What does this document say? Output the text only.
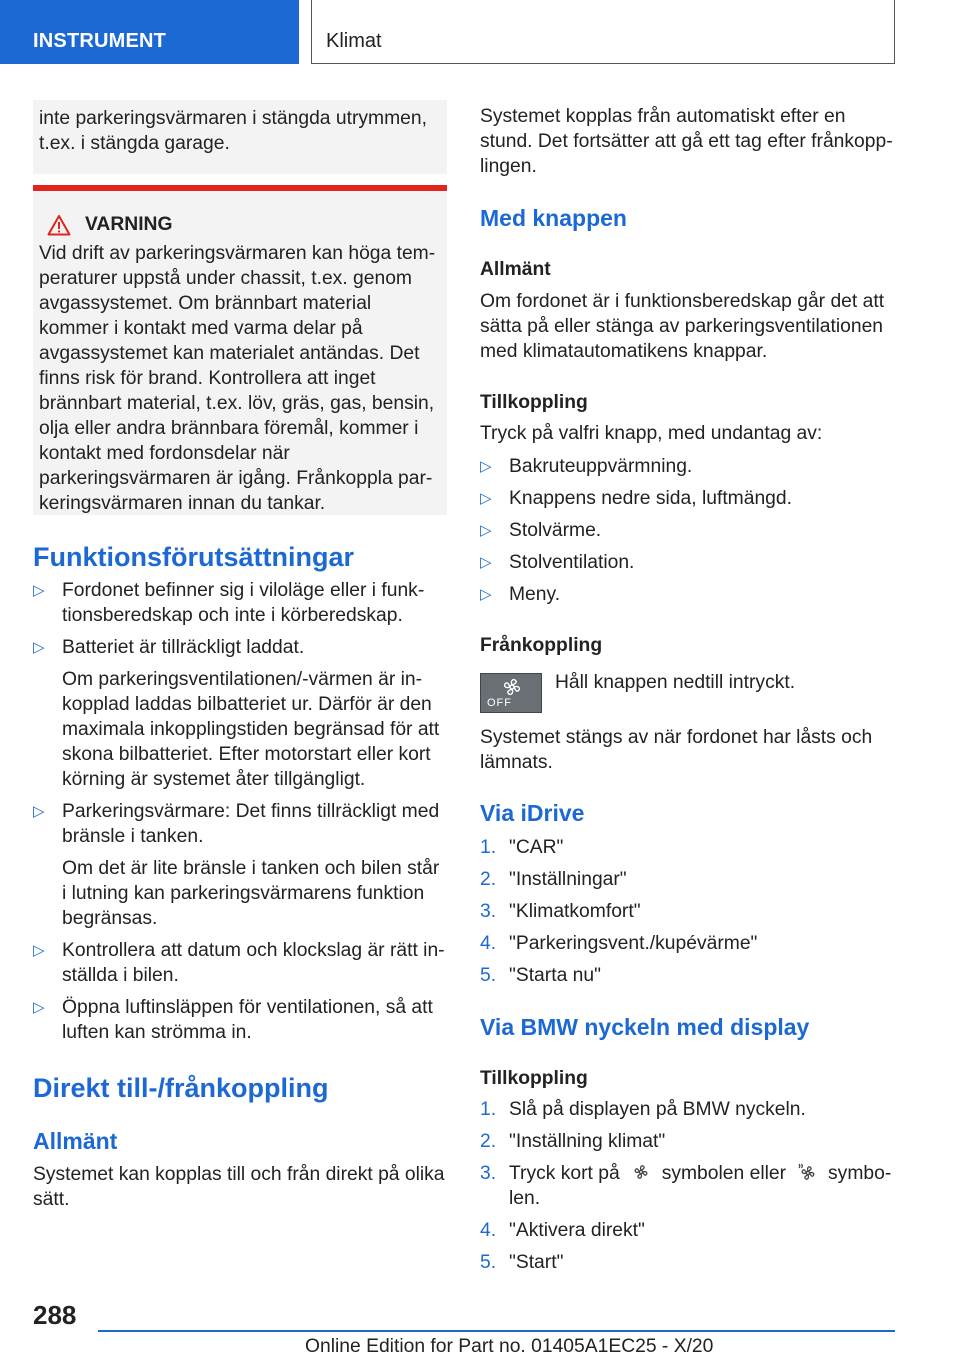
INSTRUMENT	Klimat

inte parkeringsvärmaren i stängda utrymmen, t.ex. i stängda garage.

VARNING

Vid drift av parkeringsvärmaren kan höga temperaturer uppstå under chassit, t.ex. genom avgassystemet. Om brännbart material kommer i kontakt med varma delar på avgassystemet kan materialet antändas. Det finns risk för brand. Kontrollera att inget brännbart material, t.ex. löv, gräs, gas, bensin, olja eller andra brännbara föremål, kommer i kontakt med fordonsdelar när parkeringsvärmaren är igång. Frånkoppla parkeringsvärmaren innan du tankar.

Funktionsförutsättningar
▷ Fordonet befinner sig i viloläge eller i funktionsberedskap och inte i körberedskap.
▷ Batteriet är tillräckligt laddat.
Om parkeringsventilationen/-värmen är inkopplad laddas bilbatteriet ur. Därför är den maximala inkopplingstiden begränsad för att skona bilbatteriet. Efter motorstart eller kort körning är systemet åter tillgängligt.
▷ Parkeringsvärmare: Det finns tillräckligt med bränsle i tanken.
Om det är lite bränsle i tanken och bilen står i lutning kan parkeringsvärmarens funktion begränsas.
▷ Kontrollera att datum och klockslag är rätt inställda i bilen.
▷ Öppna luftinsläppen för ventilationen, så att luften kan strömma in.
Direkt till-/frånkoppling
Allmänt

Systemet kan kopplas till och från direkt på olika sätt.

Systemet kopplas från automatiskt efter en stund. Det fortsätter att gå ett tag efter frånkopplingen.

Med knappen
Allmänt

Om fordonet är i funktionsberedskap går det att sätta på eller stänga av parkeringsventilationen med klimatautomatikens knappar.

Tillkoppling

Tryck på valfri knapp, med undantag av:

▷ Bakruteuppvärmning.
▷ Knappens nedre sida, luftmängd.
▷ Stolvärme.
▷ Stolventilation.
▷ Meny.
Frånkoppling
OFF

Håll knappen nedtill intryckt.

Systemet stängs av när fordonet har låsts och lämnats.

Via iDrive
1. "CAR"
2. "Inställningar"
3. "Klimatkomfort"
4. "Parkeringsvent./kupévärme"
5. "Starta nu"
Via BMW nyckeln med display
Tillkoppling
1. Slå på displayen på BMW nyckeln.
2. "Inställning klimat"
3. Tryck kort på symbolen eller symbolen.
4. "Aktivera direkt"
5. "Start"
288
Online Edition for Part no. 01405A1EC25 - X/20
